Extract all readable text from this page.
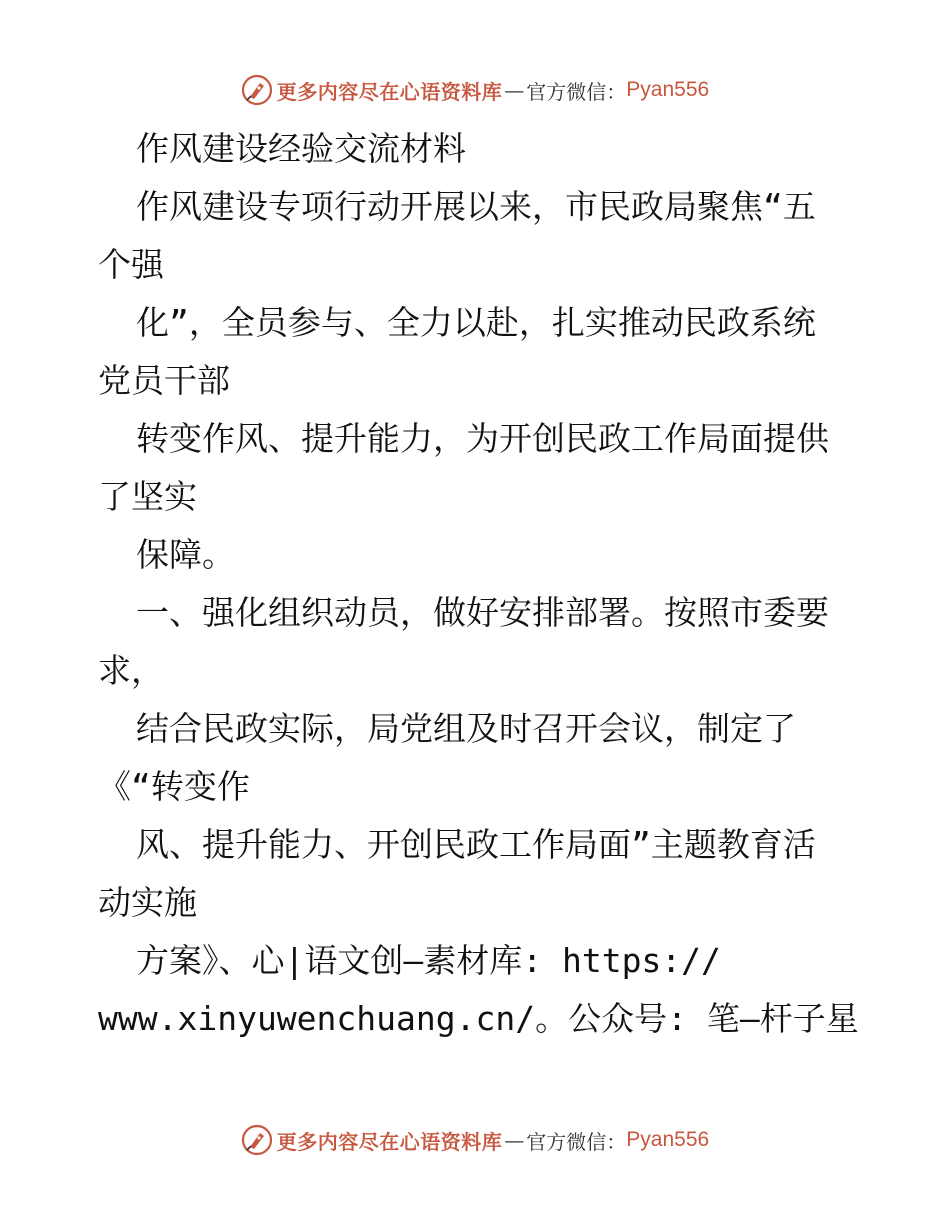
更多内容尽在心语资料库 — 官方微信： Pyan556
作风建设经验交流材料
作风建设专项行动开展以来，市民政局聚焦“五
个强
化”，全员参与、全力以赴，扎实推动民政系统
党员干部
转变作风、提升能力，为开创民政工作局面提供
了坚实
保障。
一、强化组织动员，做好安排部署。按照市委要
求，
结合民政实际，局党组及时召开会议，制定了
《“转变作
风、提升能力、开创民政工作局面”主题教育活
动实施
方案》、心|语文创—素材库: https://
www.xinyuwenchuang.cn/。公众号: 笔—杆子星
更多内容尽在心语资料库 — 官方微信： Pyan556
